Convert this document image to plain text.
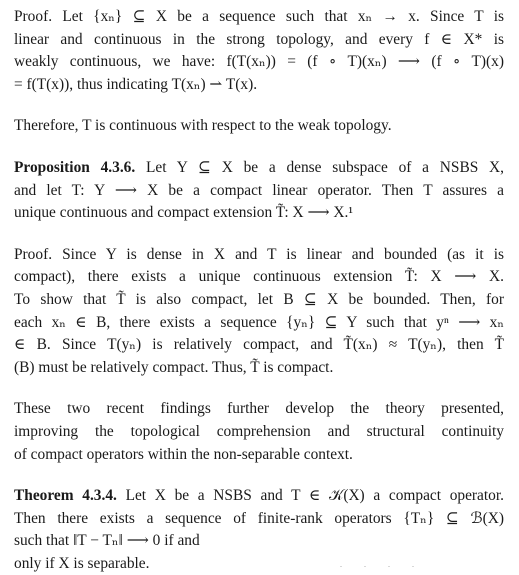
Proof. Let {xₙ} ⊆ X be a sequence such that xₙ → x. Since T is
linear and continuous in the strong topology, and every f ∈ X* is
weakly continuous, we have: f(T(xₙ)) = (f ∘ T)(xₙ) ⟶ (f ∘ T)(x)
= f(T(x)), thus indicating T(xₙ) ⇀ T(x).
Therefore, T is continuous with respect to the weak topology.
Proposition 4.3.6. Let Y ⊆ X be a dense subspace of a NSBS X,
and let T: Y ⟶ X be a compact linear operator. Then T assures a
unique continuous and compact extension T̃: X ⟶ X.¹
Proof. Since Y is dense in X and T is linear and bounded (as it is
compact), there exists a unique continuous extension T̃: X ⟶ X.
To show that T̃ is also compact, let B ⊆ X be bounded. Then, for
each xₙ ∈ B, there exists a sequence {yₙ} ⊆ Y such that yⁿ ⟶ xₙ
∈ B. Since T(yₙ) is relatively compact, and T̃(xₙ) ≈ T(yₙ), then T̃
(B) must be relatively compact. Thus, T̃ is compact.
These two recent findings further develop the theory presented,
improving the topological comprehension and structural continuity
of compact operators within the non-separable context.
Theorem 4.3.4. Let X be a NSBS and T ∈ 𝒦(X) a compact operator.
Then there exists a sequence of finite-rank operators {Tₙ} ⊆ ℬ(X)
such that ‖T − Tₙ‖ ⟶ 0 if and
only if X is separable.	. . . .
